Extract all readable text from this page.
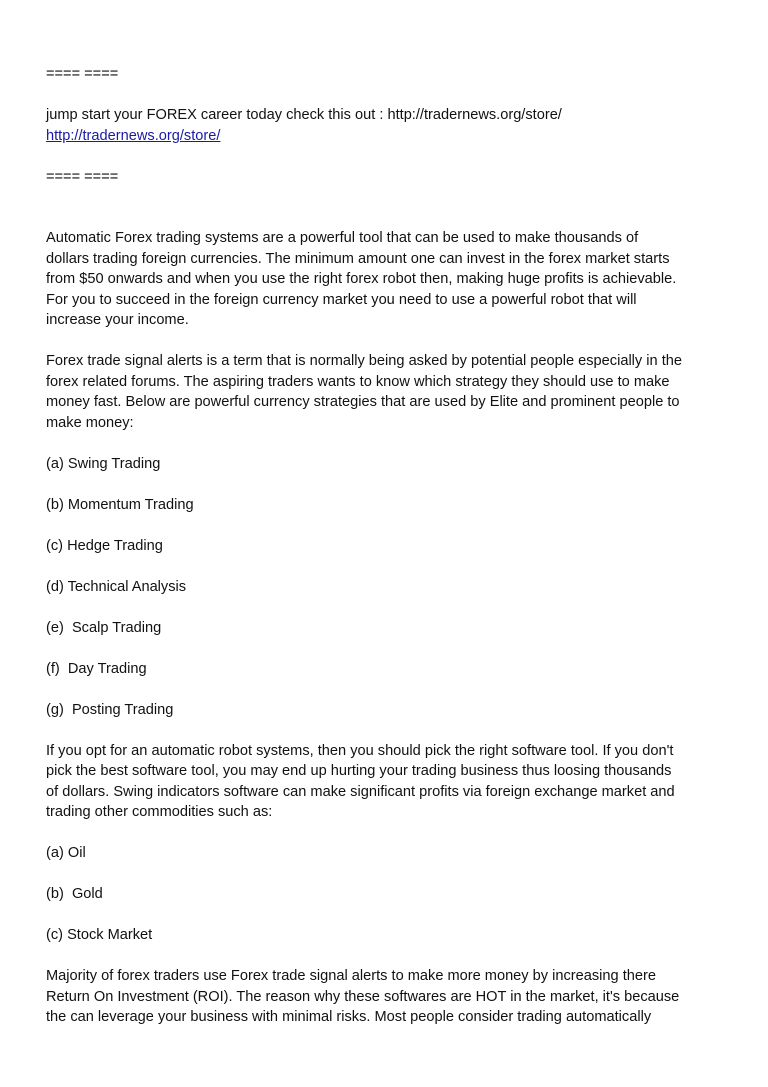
==== ====

jump start your FOREX career today check this out : http://tradernews.org/store/

http://tradernews.org/store/

==== ====

Automatic Forex trading systems are a powerful tool that can be used to make thousands of

dollars trading foreign currencies. The minimum amount one can invest in the forex market starts

from $50 onwards and when you use the right forex robot then, making huge profits is achievable.

For you to succeed in the foreign currency market you need to use a powerful robot that will

increase your income.

Forex trade signal alerts is a term that is normally being asked by potential people especially in the

forex related forums. The aspiring traders wants to know which strategy they should use to make

money fast. Below are powerful currency strategies that are used by Elite and prominent people to

make money:

(a) Swing Trading

(b) Momentum Trading

(c) Hedge Trading

(d) Technical Analysis

(e)  Scalp Trading

(f)  Day Trading

(g)  Posting Trading

If you opt for an automatic robot systems, then you should pick the right software tool. If you don't

pick the best software tool, you may end up hurting your trading business thus loosing thousands

of dollars. Swing indicators software can make significant profits via foreign exchange market and

trading other commodities such as:

(a) Oil

(b)  Gold

(c) Stock Market

Majority of forex traders use Forex trade signal alerts to make more money by increasing there

Return On Investment (ROI). The reason why these softwares are HOT in the market, it's because

the can leverage your business with minimal risks. Most people consider trading automatically
